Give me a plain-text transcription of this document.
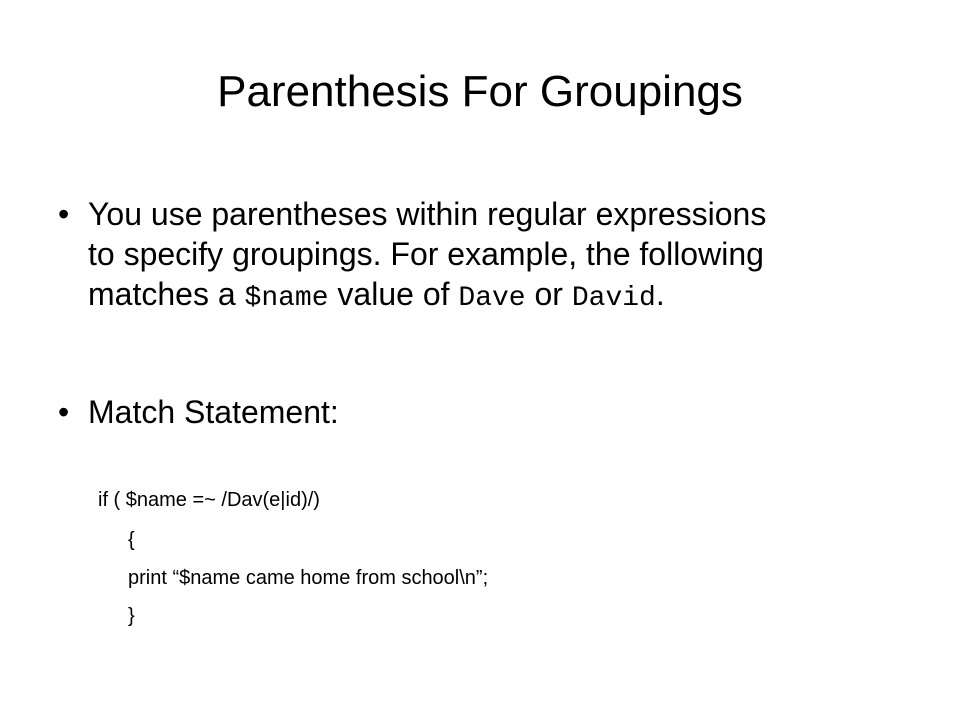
Parenthesis For Groupings
• You use parentheses within regular expressions
to specify groupings. For example, the following
matches a $name value of Dave or David.
• Match Statement:
if ( $name =~ /Dav(e|id)/)
{
print “$name came home from school\n”;
}
